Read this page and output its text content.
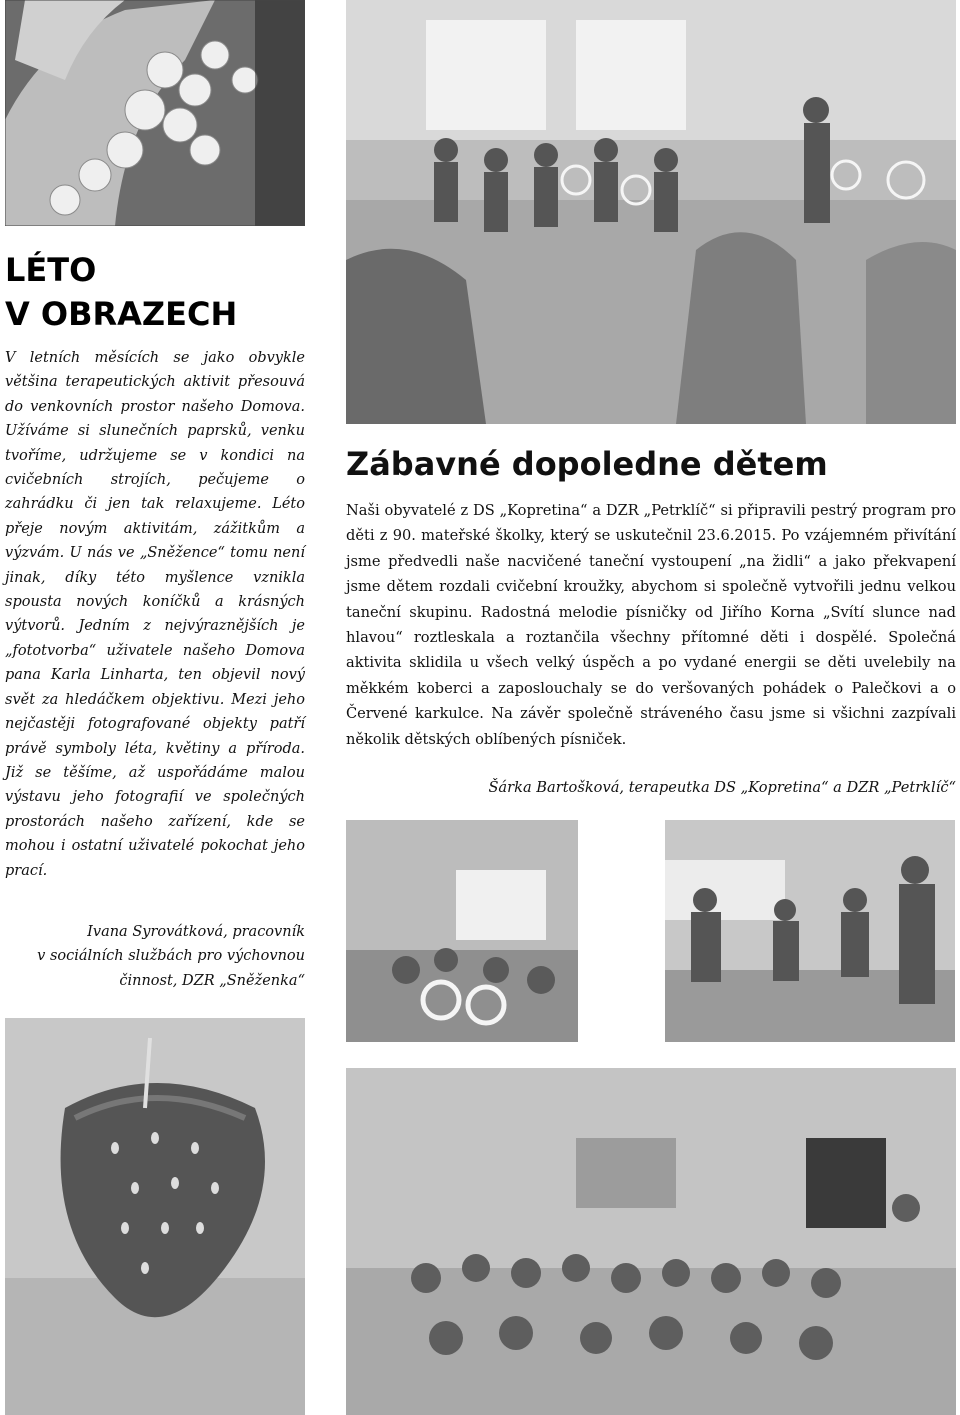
LÉTO
V OBRAZECH

V letních měsících se jako obvykle většina terapeutických aktivit přesouvá do venkovních prostor našeho Domova. Užíváme si slunečních paprsků, venku tvoříme, udržujeme se v kondici na cvičebních strojích, pečujeme o zahrádku či jen tak relaxujeme. Léto přeje novým aktivitám, zážitkům a výzvám. U nás ve „Sněžence“ tomu není jinak, díky této myšlence vznikla spousta nových koníčků a krásných výtvorů. Jedním z nejvýraznějších je „fototvorba“ uživatele našeho Domova pana Karla Linharta, ten objevil nový svět za hledáčkem objektivu. Mezi jeho nejčastěji fotografované objekty patří právě symboly léta, květiny a příroda. Již se těšíme, až uspořádáme malou výstavu jeho fotografií ve společných prostorách našeho zařízení, kde se mohou i ostatní uživatelé pokochat jeho prací.

Ivana Syrovátková, pracovník
v sociálních službách pro výchovnou
činnost, DZR „Sněženka“

Zábavné dopoledne dětem

Naši obyvatelé z DS „Kopretina“ a DZR „Petrklíč“ si připravili pestrý program pro děti z 90. mateřské školky, který se uskutečnil 23.6.2015. Po vzájemném přivítání jsme předvedli naše nacvičené taneční vystoupení „na židli“ a jako překvapení jsme dětem rozdali cvičební kroužky, abychom si společně vytvořili jednu velkou taneční skupinu. Radostná melodie písničky od Jiřího Korna „Svítí slunce nad hlavou“ roztleskala a roztančila všechny přítomné děti i dospělé. Společná aktivita sklidila u všech velký úspěch a po vydané energii se děti uvelebily na měkkém koberci a zaposlouchaly se do veršovaných pohádek o Palečkovi a o Červené karkulce. Na závěr společně stráveného času jsme si všichni zazpívali několik dětských oblíbených písniček.

Šárka Bartošková, terapeutka DS „Kopretina“ a DZR „Petrklíč“
